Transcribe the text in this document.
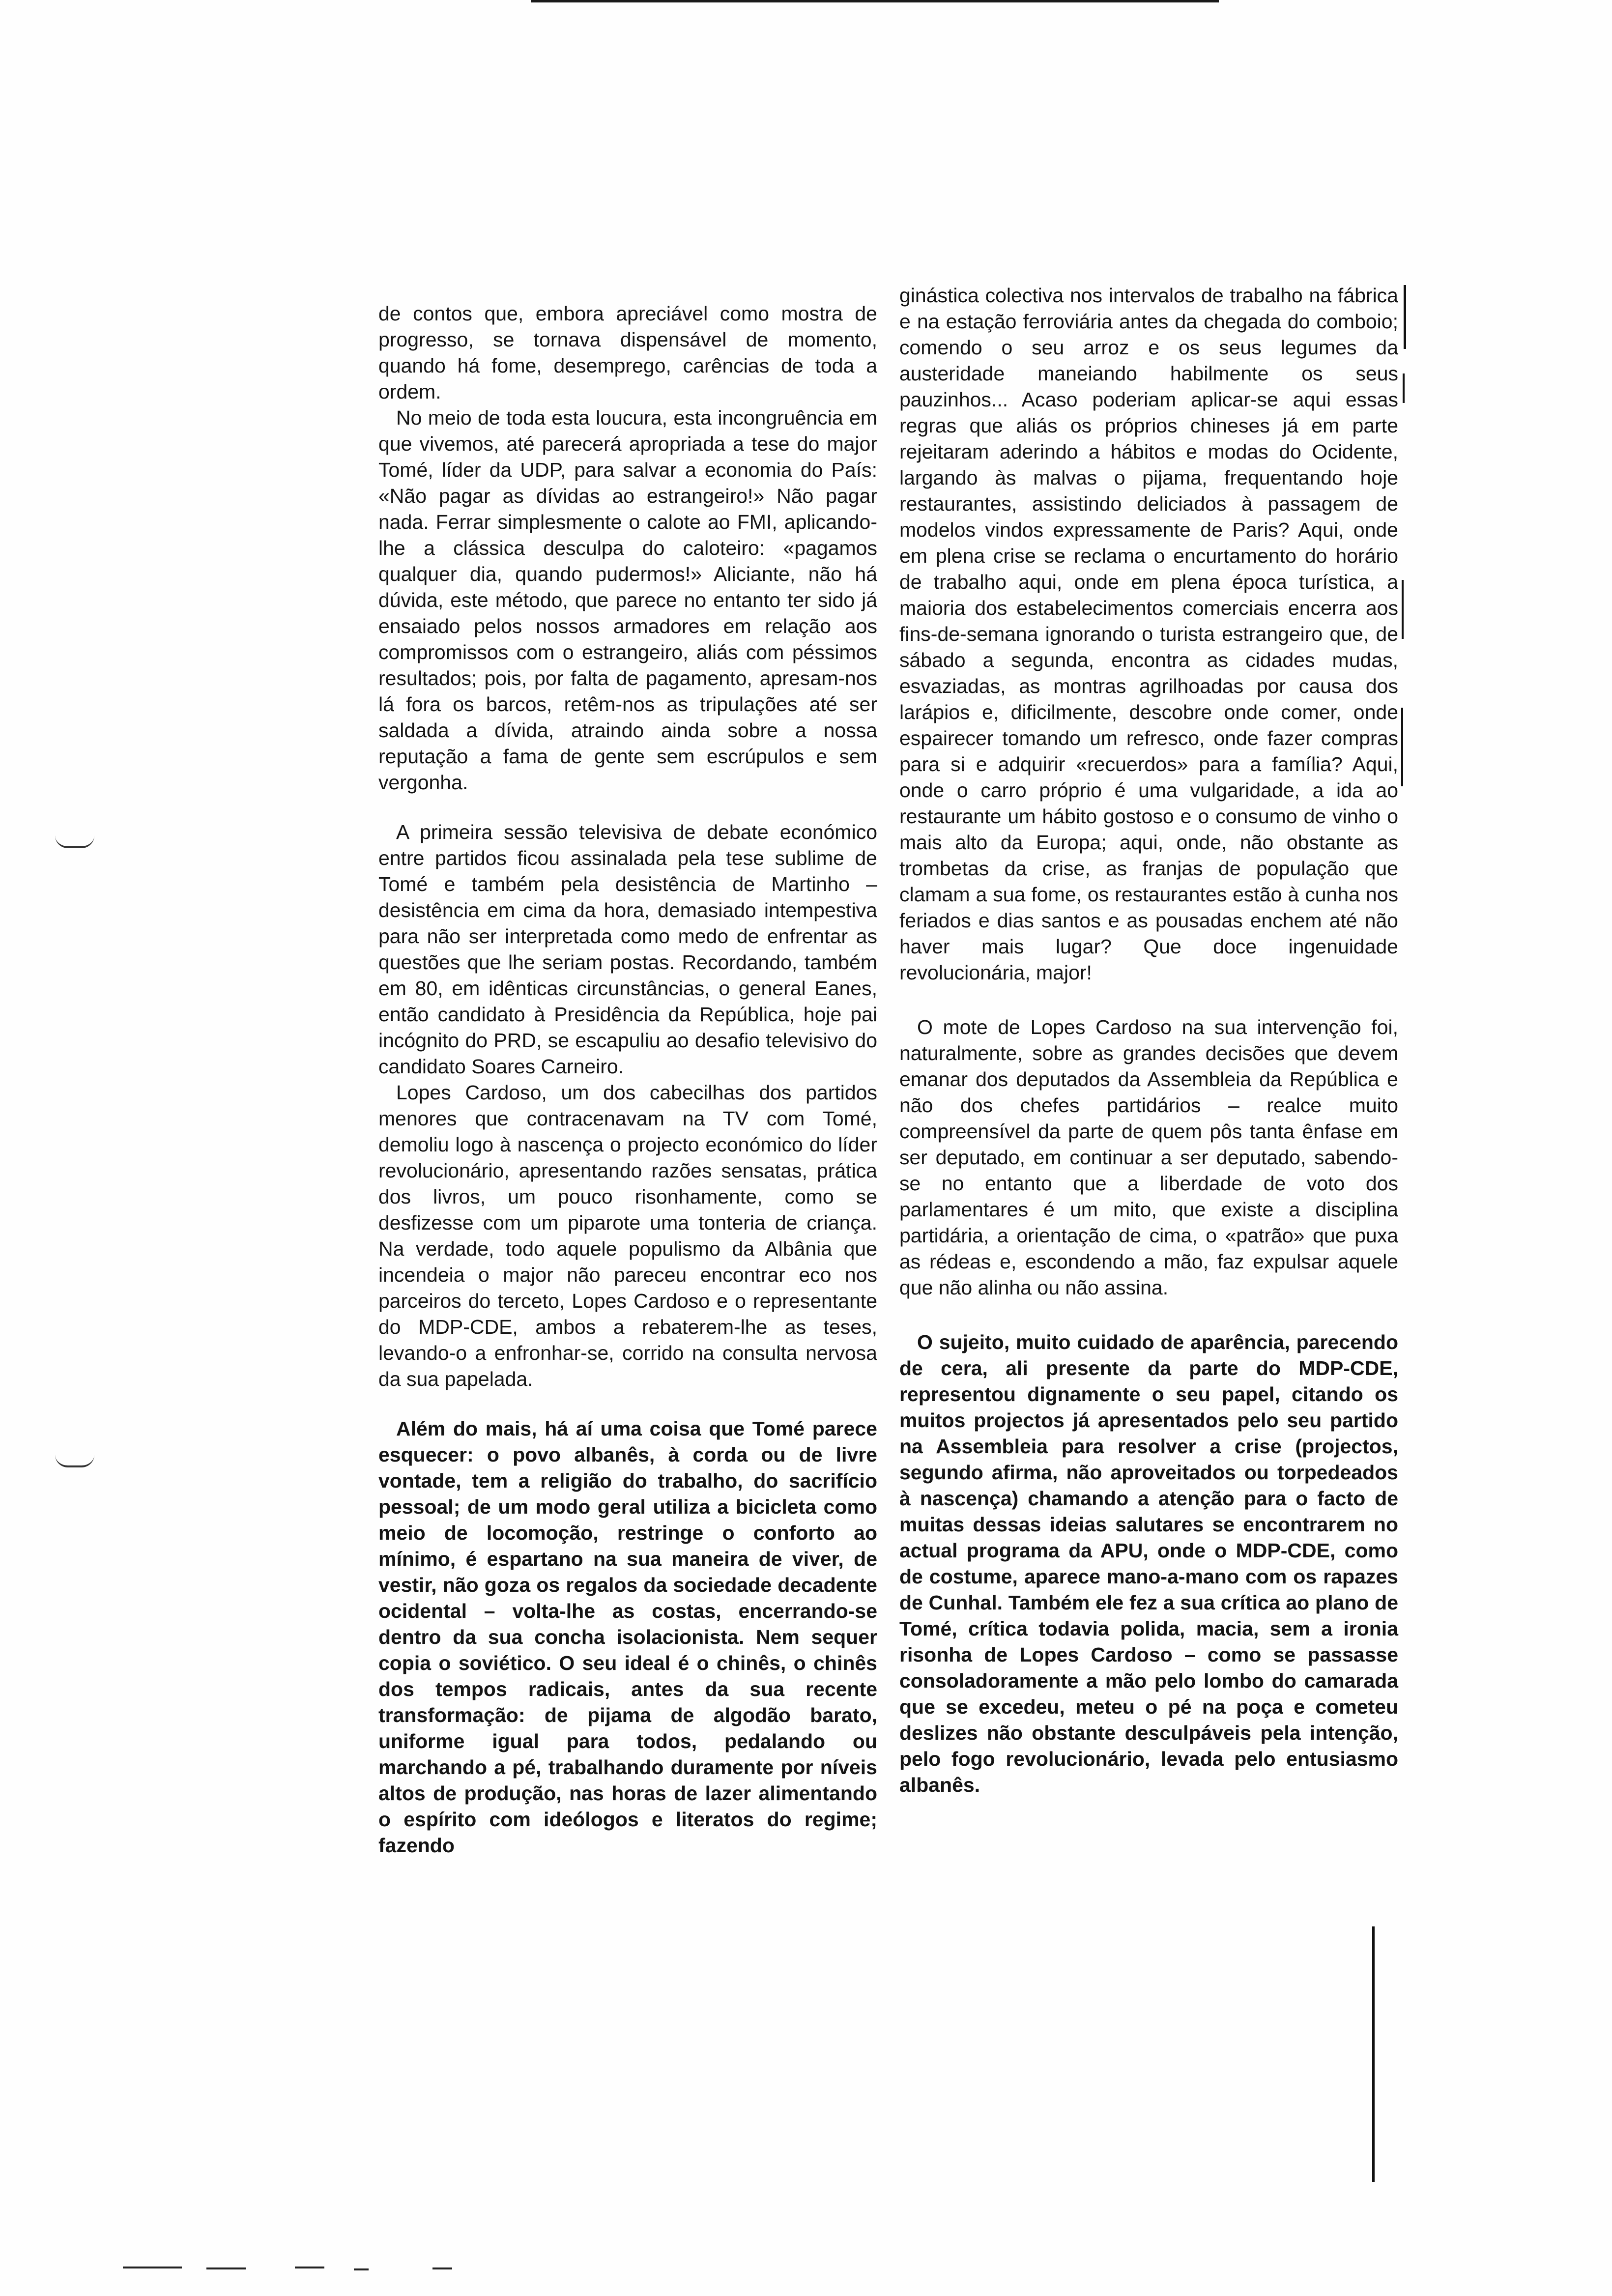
de contos que, embora apreciável como mostra de progresso, se tornava dispensável de momento, quando há fome, desemprego, carências de toda a ordem.

No meio de toda esta loucura, esta incongruência em que vivemos, até parecerá apropriada a tese do major Tomé, líder da UDP, para salvar a economia do País: «Não pagar as dívidas ao estrangeiro!» Não pagar nada. Ferrar simplesmente o calote ao FMI, aplicando-lhe a clássica desculpa do caloteiro: «pagamos qualquer dia, quando pudermos!» Aliciante, não há dúvida, este método, que parece no entanto ter sido já ensaiado pelos nossos armadores em relação aos compromissos com o estrangeiro, aliás com péssimos resultados; pois, por falta de pagamento, apresam-nos lá fora os barcos, retêm-nos as tripulações até ser saldada a dívida, atraindo ainda sobre a nossa reputação a fama de gente sem escrúpulos e sem vergonha.

A primeira sessão televisiva de debate económico entre partidos ficou assinalada pela tese sublime de Tomé e também pela desistência de Martinho – desistência em cima da hora, demasiado intempestiva para não ser interpretada como medo de enfrentar as questões que lhe seriam postas. Recordando, também em 80, em idênticas circunstâncias, o general Eanes, então candidato à Presidência da República, hoje pai incógnito do PRD, se escapuliu ao desafio televisivo do candidato Soares Carneiro.

Lopes Cardoso, um dos cabecilhas dos partidos menores que contracenavam na TV com Tomé, demoliu logo à nascença o projecto económico do líder revolucionário, apresentando razões sensatas, prática dos livros, um pouco risonhamente, como se desfizesse com um piparote uma tonteria de criança. Na verdade, todo aquele populismo da Albânia que incendeia o major não pareceu encontrar eco nos parceiros do terceto, Lopes Cardoso e o representante do MDP-CDE, ambos a rebaterem-lhe as teses, levando-o a enfronhar-se, corrido na consulta nervosa da sua papelada.

Além do mais, há aí uma coisa que Tomé parece esquecer: o povo albanês, à corda ou de livre vontade, tem a religião do trabalho, do sacrifício pessoal; de um modo geral utiliza a bicicleta como meio de locomoção, restringe o conforto ao mínimo, é espartano na sua maneira de viver, de vestir, não goza os regalos da sociedade decadente ocidental – volta-lhe as costas, encerrando-se dentro da sua concha isolacionista. Nem sequer copia o soviético. O seu ideal é o chinês, o chinês dos tempos radicais, antes da sua recente transformação: de pijama de algodão barato, uniforme igual para todos, pedalando ou marchando a pé, trabalhando duramente por níveis altos de produção, nas horas de lazer alimentando o espírito com ideólogos e literatos do regime; fazendo

ginástica colectiva nos intervalos de trabalho na fábrica e na estação ferroviária antes da chegada do comboio; comendo o seu arroz e os seus legumes da austeridade maneiando habilmente os seus pauzinhos... Acaso poderiam aplicar-se aqui essas regras que aliás os próprios chineses já em parte rejeitaram aderindo a hábitos e modas do Ocidente, largando às malvas o pijama, frequentando hoje restaurantes, assistindo deliciados à passagem de modelos vindos expressamente de Paris? Aqui, onde em plena crise se reclama o encurtamento do horário de trabalho aqui, onde em plena época turística, a maioria dos estabelecimentos comerciais encerra aos fins-de-semana ignorando o turista estrangeiro que, de sábado a segunda, encontra as cidades mudas, esvaziadas, as montras agrilhoadas por causa dos larápios e, dificilmente, descobre onde comer, onde espairecer tomando um refresco, onde fazer compras para si e adquirir «recuerdos» para a família? Aqui, onde o carro próprio é uma vulgaridade, a ida ao restaurante um hábito gostoso e o consumo de vinho o mais alto da Europa; aqui, onde, não obstante as trombetas da crise, as franjas de população que clamam a sua fome, os restaurantes estão à cunha nos feriados e dias santos e as pousadas enchem até não haver mais lugar? Que doce ingenuidade revolucionária, major!

O mote de Lopes Cardoso na sua intervenção foi, naturalmente, sobre as grandes decisões que devem emanar dos deputados da Assembleia da República e não dos chefes partidários – realce muito compreensível da parte de quem pôs tanta ênfase em ser deputado, em continuar a ser deputado, sabendo-se no entanto que a liberdade de voto dos parlamentares é um mito, que existe a disciplina partidária, a orientação de cima, o «patrão» que puxa as rédeas e, escondendo a mão, faz expulsar aquele que não alinha ou não assina.

O sujeito, muito cuidado de aparência, parecendo de cera, ali presente da parte do MDP-CDE, representou dignamente o seu papel, citando os muitos projectos já apresentados pelo seu partido na Assembleia para resolver a crise (projectos, segundo afirma, não aproveitados ou torpedeados à nascença) chamando a atenção para o facto de muitas dessas ideias salutares se encontrarem no actual programa da APU, onde o MDP-CDE, como de costume, aparece mano-a-mano com os rapazes de Cunhal. Também ele fez a sua crítica ao plano de Tomé, crítica todavia polida, macia, sem a ironia risonha de Lopes Cardoso – como se passasse consoladoramente a mão pelo lombo do camarada que se excedeu, meteu o pé na poça e cometeu deslizes não obstante desculpáveis pela intenção, pelo fogo revolucionário, levada pelo entusiasmo albanês.
